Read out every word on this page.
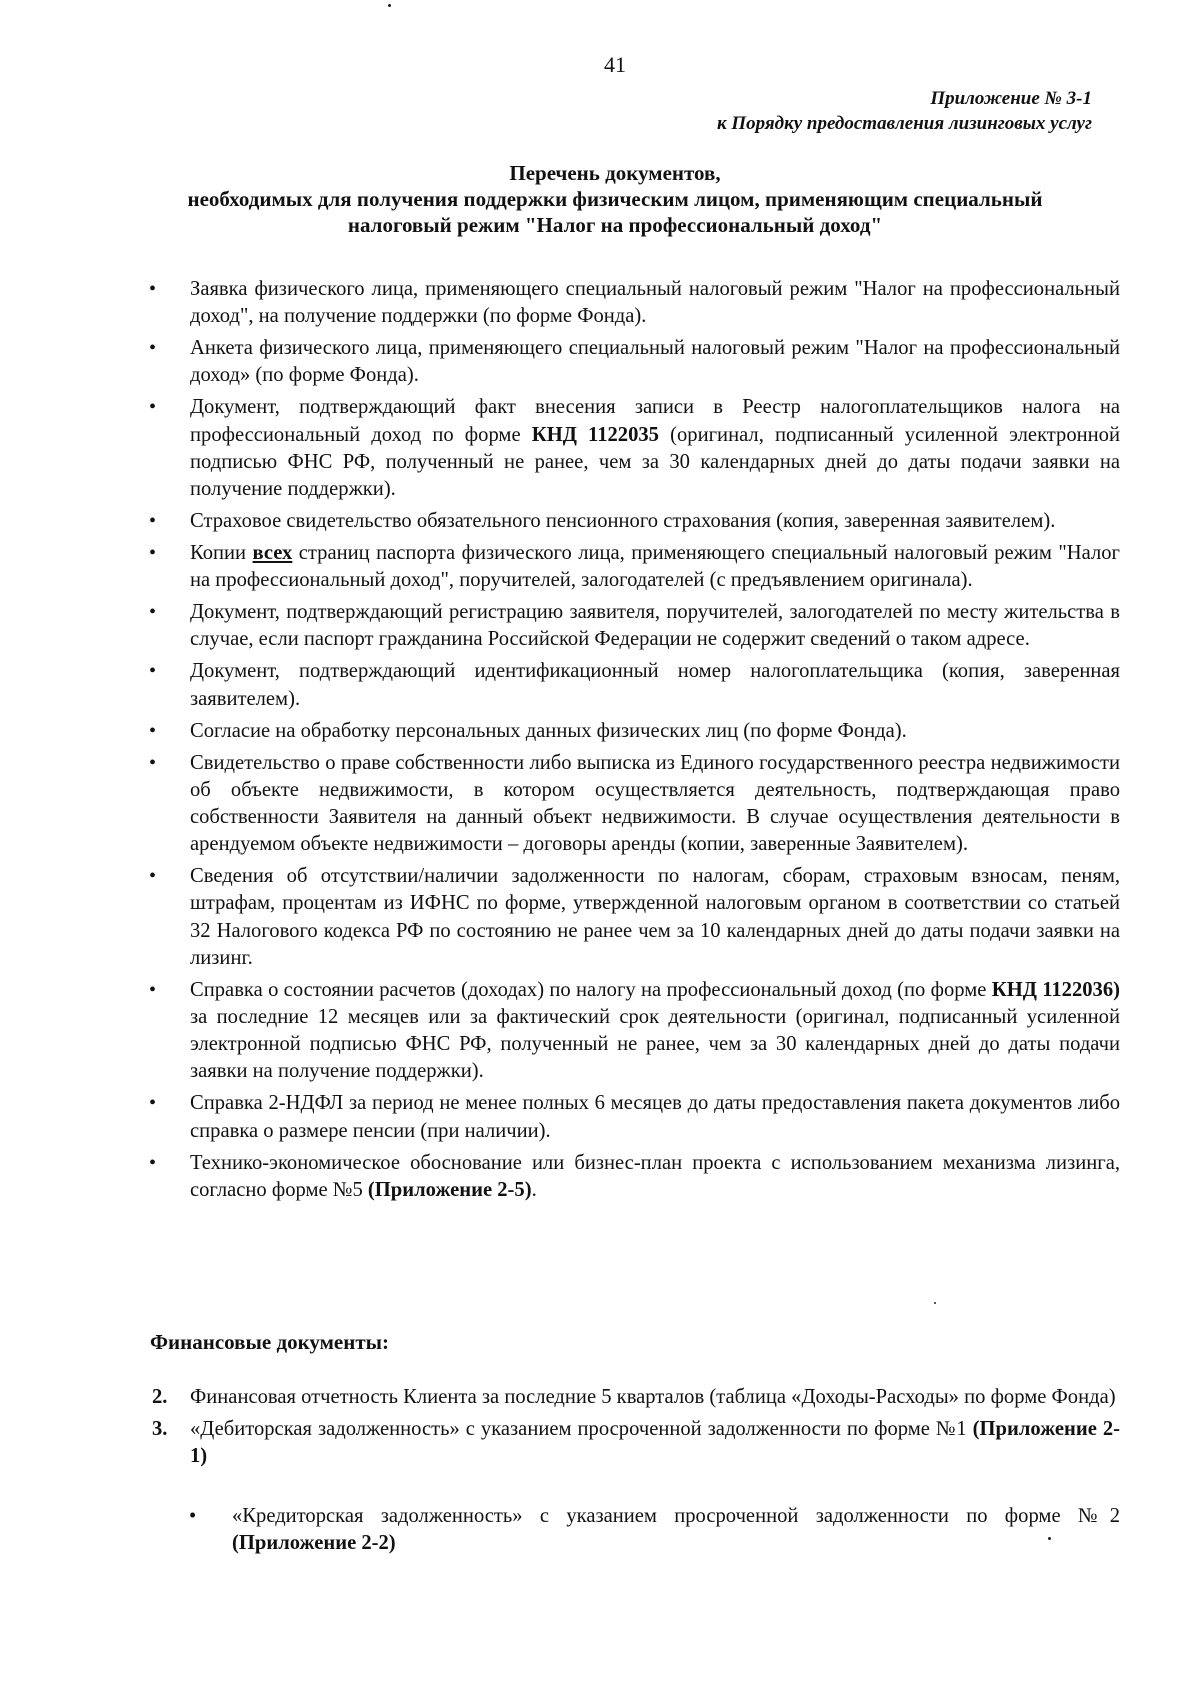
41
Приложение № 3-1
к Порядку предоставления лизинговых услуг
Перечень документов,
необходимых для получения поддержки физическим лицом, применяющим специальный
налоговый режим "Налог на профессиональный доход"
• Заявка физического лица, применяющего специальный налоговый режим "Налог на профессиональный доход", на получение поддержки (по форме Фонда).
• Анкета физического лица, применяющего специальный налоговый режим "Налог на профессиональный доход» (по форме Фонда).
• Документ, подтверждающий факт внесения записи в Реестр налогоплательщиков налога на профессиональный доход по форме КНД 1122035 (оригинал, подписанный усиленной электронной подписью ФНС РФ, полученный не ранее, чем за 30 календарных дней до даты подачи заявки на получение поддержки).
• Страховое свидетельство обязательного пенсионного страхования (копия, заверенная заявителем).
• Копии всех страниц паспорта физического лица, применяющего специальный налоговый режим "Налог на профессиональный доход", поручителей, залогодателей (с предъявлением оригинала).
• Документ, подтверждающий регистрацию заявителя, поручителей, залогодателей по месту жительства в случае, если паспорт гражданина Российской Федерации не содержит сведений о таком адресе.
• Документ, подтверждающий идентификационный номер налогоплательщика (копия, заверенная заявителем).
• Согласие на обработку персональных данных физических лиц (по форме Фонда).
• Свидетельство о праве собственности либо выписка из Единого государственного реестра недвижимости об объекте недвижимости, в котором осуществляется деятельность, подтверждающая право собственности Заявителя на данный объект недвижимости. В случае осуществления деятельности в арендуемом объекте недвижимости – договоры аренды (копии, заверенные Заявителем).
• Сведения об отсутствии/наличии задолженности по налогам, сборам, страховым взносам, пеням, штрафам, процентам из ИФНС по форме, утвержденной налоговым органом в соответствии со статьей 32 Налогового кодекса РФ по состоянию не ранее чем за 10 календарных дней до даты подачи заявки на лизинг.
• Справка о состоянии расчетов (доходах) по налогу на профессиональный доход (по форме КНД 1122036) за последние 12 месяцев или за фактический срок деятельности (оригинал, подписанный усиленной электронной подписью ФНС РФ, полученный не ранее, чем за 30 календарных дней до даты подачи заявки на получение поддержки).
• Справка 2-НДФЛ за период не менее полных 6 месяцев до даты предоставления пакета документов либо справка о размере пенсии (при наличии).
• Технико-экономическое обоснование или бизнес-план проекта с использованием механизма лизинга, согласно форме №5 (Приложение 2-5).
Финансовые документы:
2. Финансовая отчетность Клиента за последние 5 кварталов (таблица «Доходы-Расходы» по форме Фонда)
3. «Дебиторская задолженность» с указанием просроченной задолженности по форме №1 (Приложение 2-1)
• «Кредиторская задолженность» с указанием просроченной задолженности по форме №2 (Приложение 2-2)
